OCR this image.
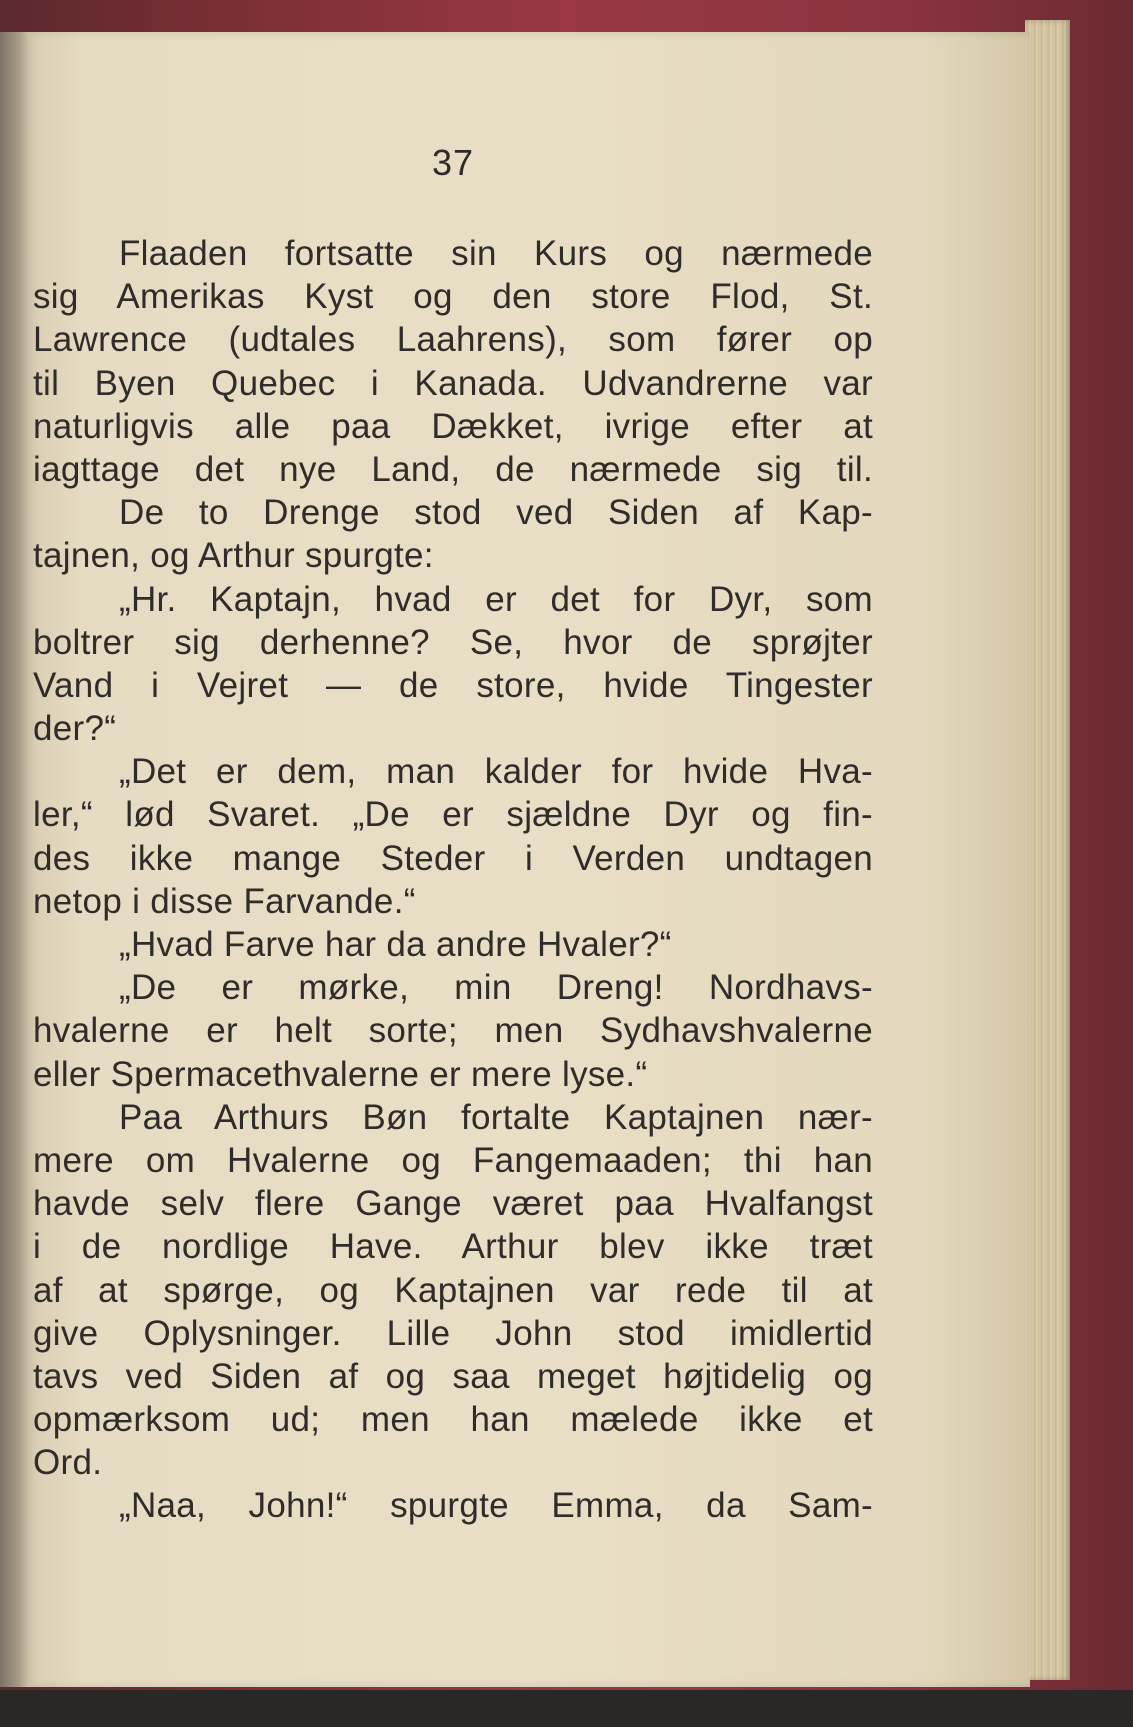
37
Flaaden fortsatte sin Kurs og nærmede
sig Amerikas Kyst og den store Flod, St.
Lawrence (udtales Laahrens), som fører op
til Byen Quebec i Kanada. Udvandrerne var
naturligvis alle paa Dækket, ivrige efter at
iagttage det nye Land, de nærmede sig til.
De to Drenge stod ved Siden af Kap-
tajnen, og Arthur spurgte:
„Hr. Kaptajn, hvad er det for Dyr, som
boltrer sig derhenne? Se, hvor de sprøjter
Vand i Vejret — de store, hvide Tingester
der?“
„Det er dem, man kalder for hvide Hva-
ler,“ lød Svaret. „De er sjældne Dyr og fin-
des ikke mange Steder i Verden undtagen
netop i disse Farvande.“
„Hvad Farve har da andre Hvaler?“
„De er mørke, min Dreng! Nordhavs-
hvalerne er helt sorte; men Sydhavshvalerne
eller Spermacethvalerne er mere lyse.“
Paa Arthurs Bøn fortalte Kaptajnen nær-
mere om Hvalerne og Fangemaaden; thi han
havde selv flere Gange været paa Hvalfangst
i de nordlige Have. Arthur blev ikke træt
af at spørge, og Kaptajnen var rede til at
give Oplysninger. Lille John stod imidlertid
tavs ved Siden af og saa meget højtidelig og
opmærksom ud; men han mælede ikke et
Ord.
„Naa, John!“ spurgte Emma, da Sam-
